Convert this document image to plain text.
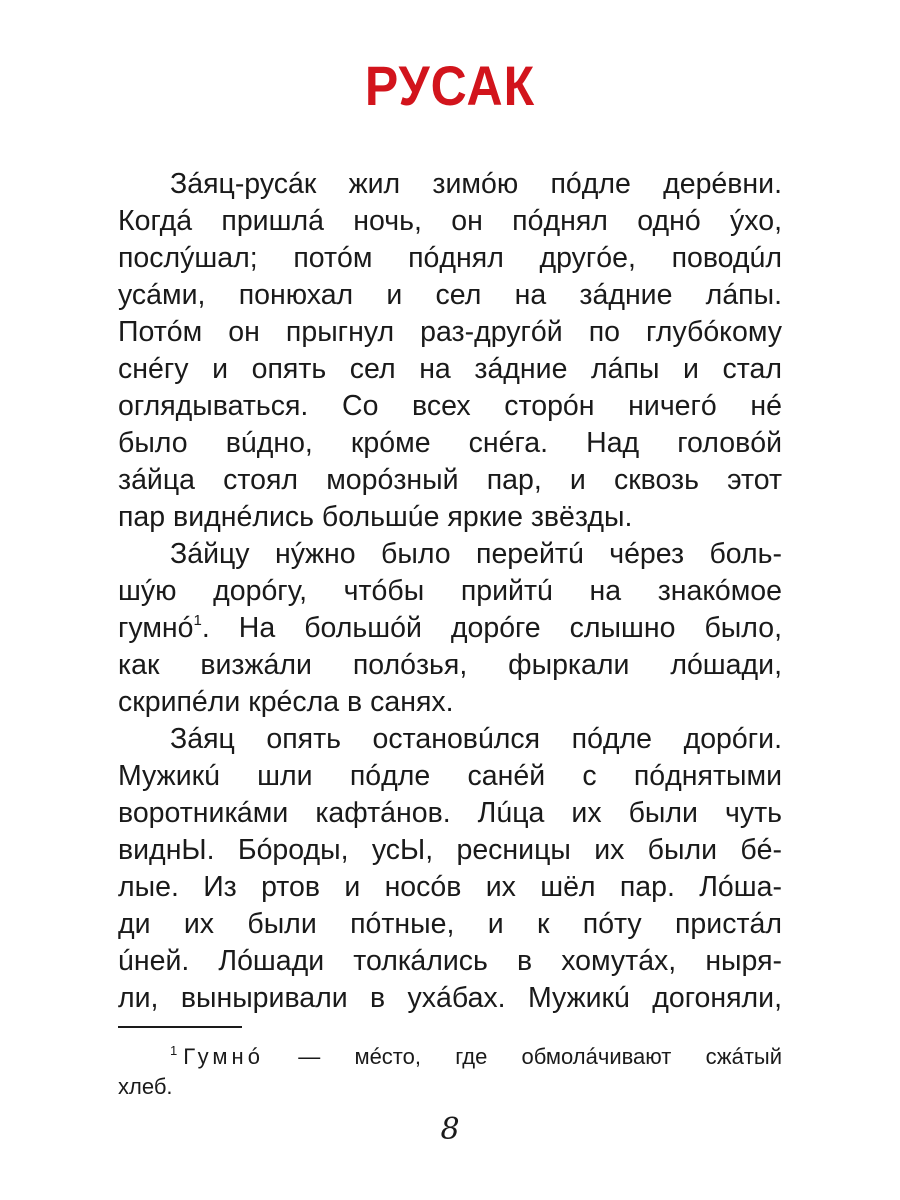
РУСАК
Зáяц-русáк жил зимóю пóдле дерéвни.
Когдá пришлá ночь, он пóднял однó ýхо,
послýшал; потóм пóднял другóе, поводúл
усáми, понюхал и сел на зáдние лáпы.
Потóм он прыгнул раз-другóй по глубóкому
снéгу и опять сел на зáдние лáпы и стал
оглядываться. Со всех сторóн ничегó нé
было вúдно, крóме снéга. Над головóй
зáйца стоял морóзный пар, и сквозь этот
пар виднéлись большúе яркие звёзды.
Зáйцу нýжно было перейтú чéрез боль-
шýю дорóгу, чтóбы прийтú на знакóмое
гумнó$^1$. На большóй дорóге слышно было,
как визжáли полóзья, фыркали лóшади,
скрипéли крéсла в санях.
Зáяц опять остановúлся пóдле дорóги.
Мужикú шли пóдле санéй с пóднятыми
воротникáми кафтáнов. Лúца их были чуть
виднЫ. Бóроды, усЫ, ресницы их были бé-
лые. Из ртов и носóв их шёл пар. Лóша-
ди их были пóтные, и к пóту пристáл
úней. Лóшади толкáлись в хомутáх, ныря-
ли, выныривали в ухáбах. Мужикú догоняли,
$^1$ Гумнó — мéсто, где обмолáчивают сжáтый
хлеб.
8
